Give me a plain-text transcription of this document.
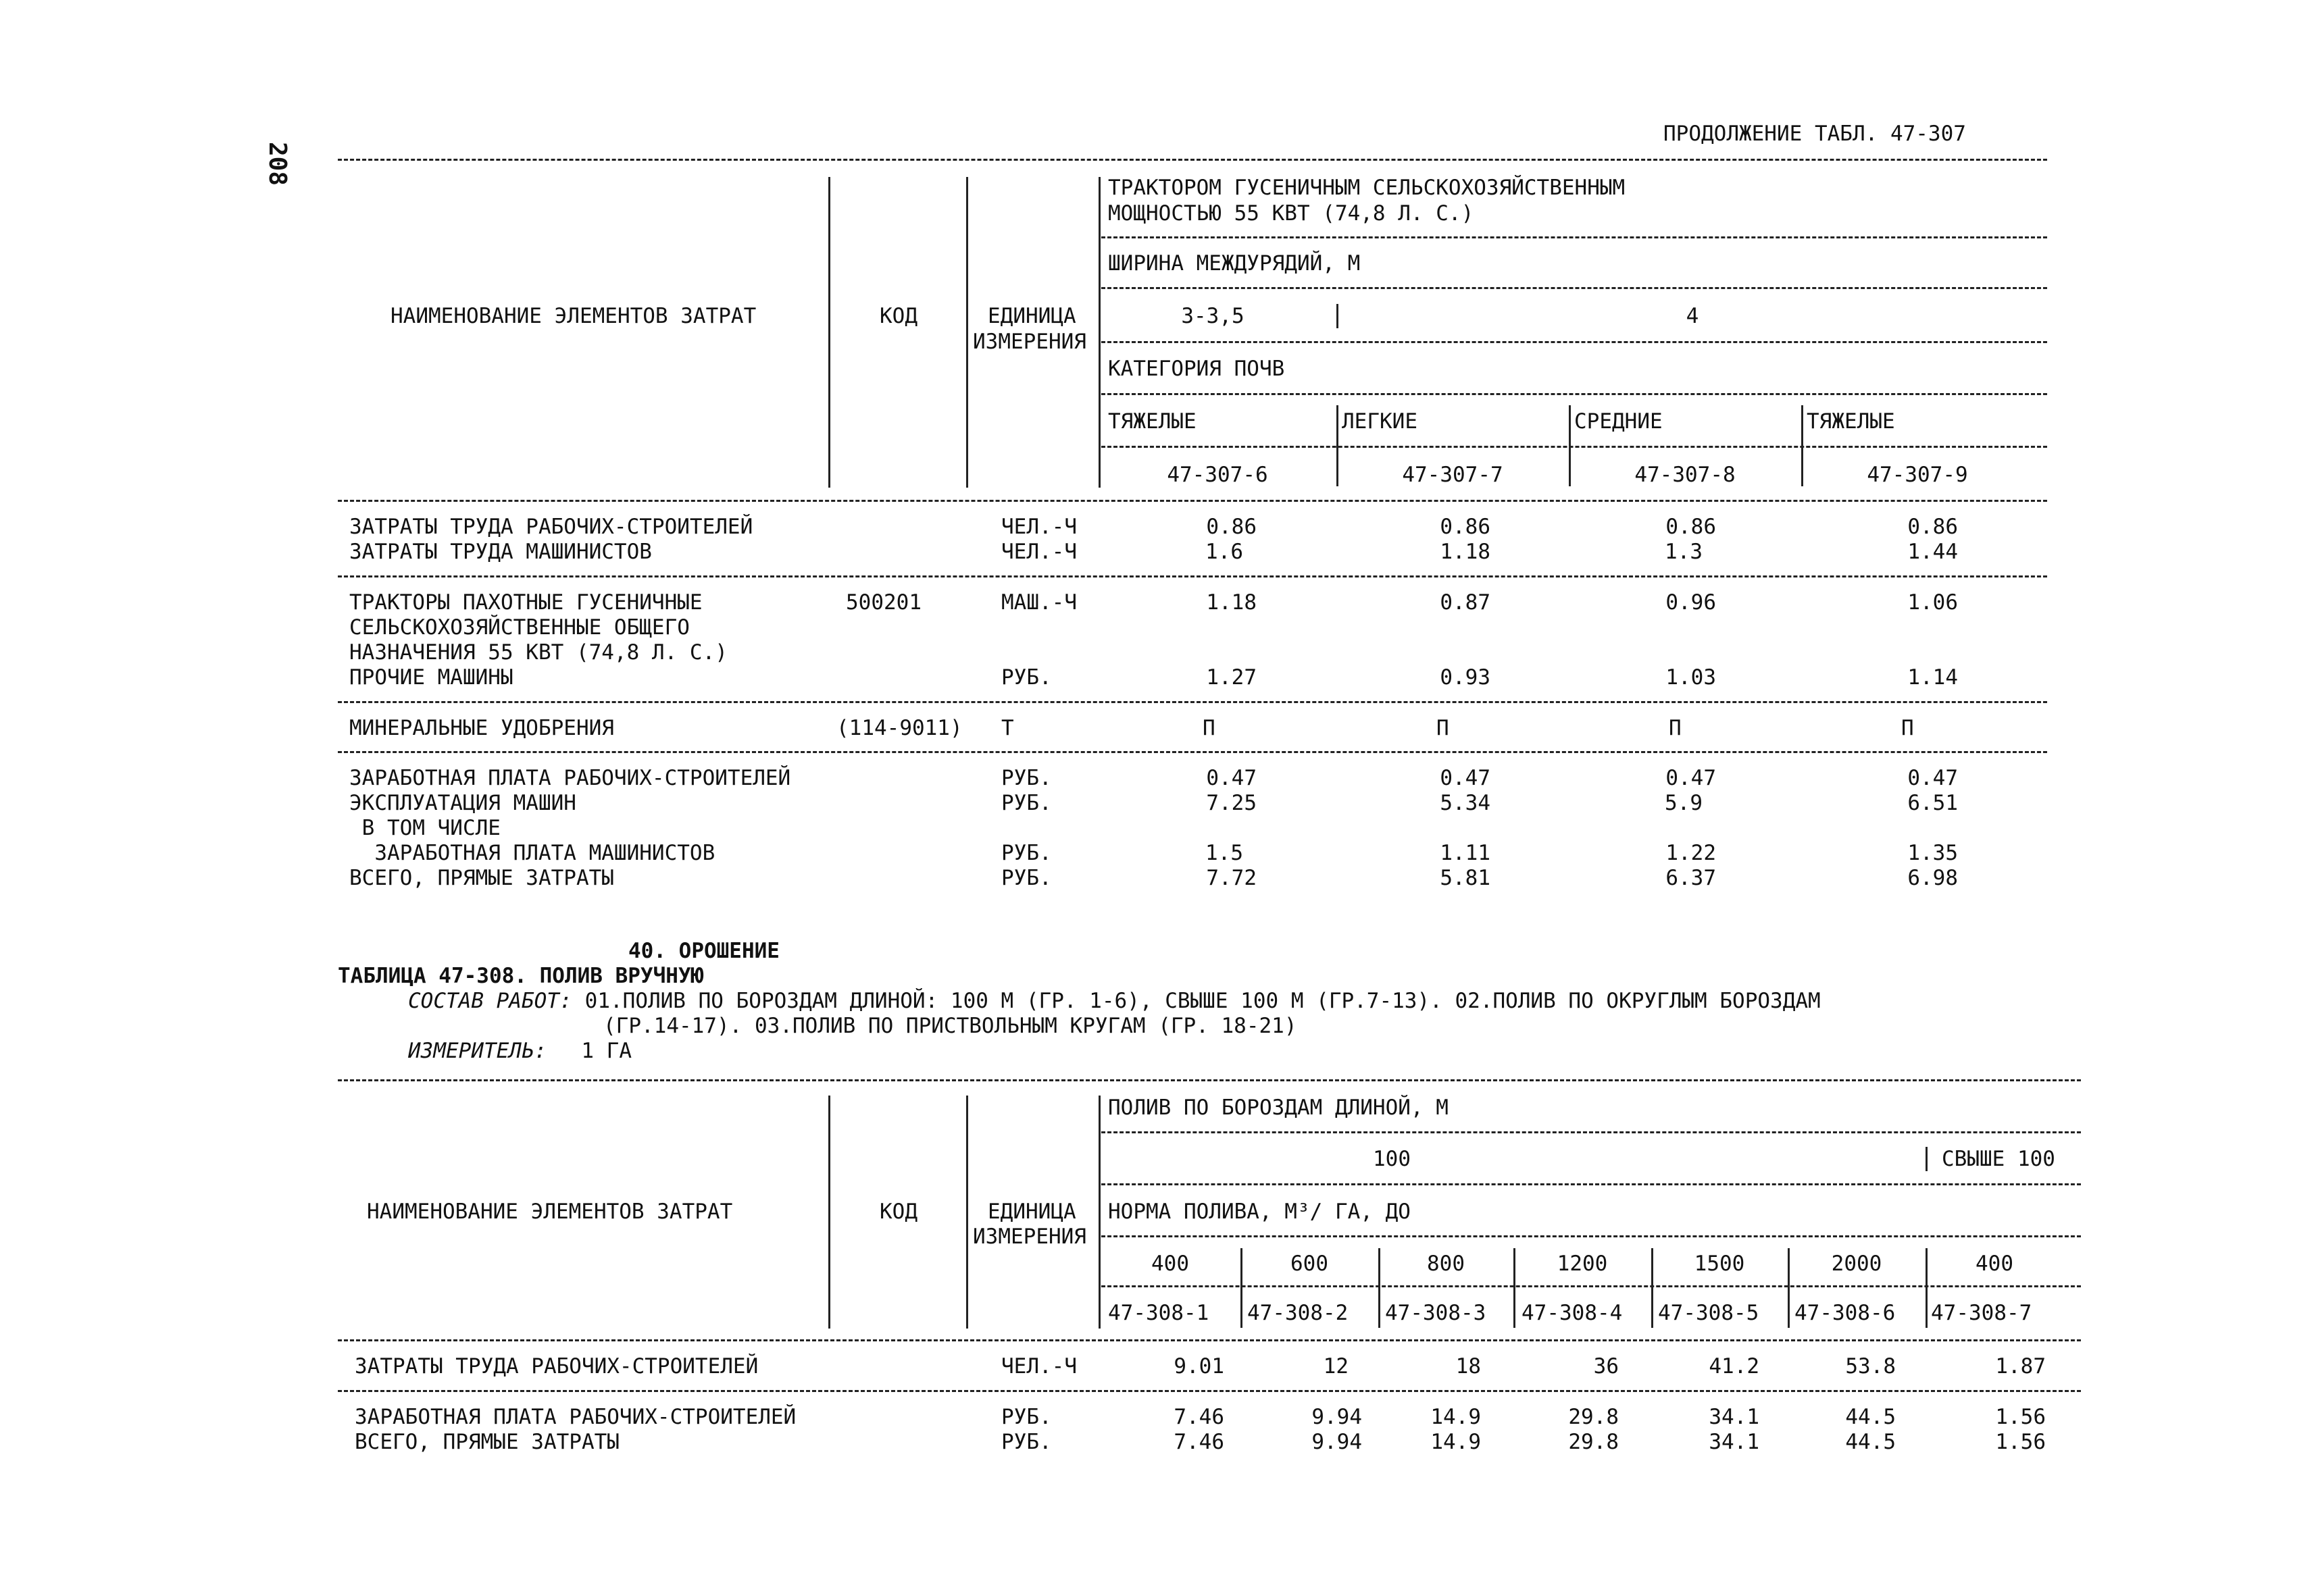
208
ПРОДОЛЖЕНИЕ ТАБЛ. 47-307
НАИМЕНОВАНИЕ ЭЛЕМЕНТОВ ЗАТРАТ	КОД	ЕДИНИЦА
ИЗМЕРЕНИЯ
ТРАКТОРОМ ГУСЕНИЧНЫМ СЕЛЬСКОХОЗЯЙСТВЕННЫМ
МОЩНОСТЬЮ 55 КВТ (74,8 Л. С.)
ШИРИНА МЕЖДУРЯДИЙ, М
3-3,5	4
КАТЕГОРИЯ ПОЧВ
ТЯЖЕЛЫЕ	ЛЕГКИЕ	СРЕДНИЕ	ТЯЖЕЛЫЕ
47-307-6	47-307-7	47-307-8	47-307-9
ЗАТРАТЫ ТРУДА РАБОЧИХ-СТРОИТЕЛЕЙ	ЧЕЛ.-Ч	0.86	0.86	0.86	0.86
ЗАТРАТЫ ТРУДА МАШИНИСТОВ	ЧЕЛ.-Ч	1.6	1.18	1.3	1.44
ТРАКТОРЫ ПАХОТНЫЕ ГУСЕНИЧНЫЕ	500201	МАШ.-Ч	1.18	0.87	0.96	1.06
СЕЛЬСКОХОЗЯЙСТВЕННЫЕ ОБЩЕГО
НАЗНАЧЕНИЯ 55 КВТ (74,8 Л. С.)
ПРОЧИЕ МАШИНЫ	РУБ.	1.27	0.93	1.03	1.14
МИНЕРАЛЬНЫЕ УДОБРЕНИЯ	(114-9011) Т	П	П	П	П
ЗАРАБОТНАЯ ПЛАТА РАБОЧИХ-СТРОИТЕЛЕЙ	РУБ.	0.47	0.47	0.47	0.47
ЭКСПЛУАТАЦИЯ МАШИН	РУБ.	7.25	5.34	5.9	6.51
В ТОМ ЧИСЛЕ
ЗАРАБОТНАЯ ПЛАТА МАШИНИСТОВ	РУБ.	1.5	1.11	1.22	1.35
ВСЕГО, ПРЯМЫЕ ЗАТРАТЫ	РУБ.	7.72	5.81	6.37	6.98
40. ОРОШЕНИЕ
ТАБЛИЦА 47-308. ПОЛИВ ВРУЧНУЮ
СОСТАВ РАБОТ: 01.ПОЛИВ ПО БОРОЗДАМ ДЛИНОЙ: 100 М (ГР. 1-6), СВЫШЕ 100 М (ГР.7-13). 02.ПОЛИВ ПО ОКРУГЛЫМ БОРОЗДАМ
(ГР.14-17). 03.ПОЛИВ ПО ПРИСТВОЛЬНЫМ КРУГАМ (ГР. 18-21)
ИЗМЕРИТЕЛЬ: 1 ГА
НАИМЕНОВАНИЕ ЭЛЕМЕНТОВ ЗАТРАТ	КОД	ЕДИНИЦА
ИЗМЕРЕНИЯ
ПОЛИВ ПО БОРОЗДАМ ДЛИНОЙ, М
100	СВЫШЕ 100
НОРМА ПОЛИВА, М³/ ГА, ДО
400	600	800	1200	1500	2000	400
47-308-1 47-308-2 47-308-3 47-308-4 47-308-5 47-308-6 47-308-7
ЗАТРАТЫ ТРУДА РАБОЧИХ-СТРОИТЕЛЕЙ	ЧЕЛ.-Ч	9.01	12	18	36	41.2	53.8	1.87
ЗАРАБОТНАЯ ПЛАТА РАБОЧИХ-СТРОИТЕЛЕЙ	РУБ.	7.46	9.94	14.9	29.8	34.1	44.5	1.56
ВСЕГО, ПРЯМЫЕ ЗАТРАТЫ	РУБ.	7.46	9.94	14.9	29.8	34.1	44.5	1.56
